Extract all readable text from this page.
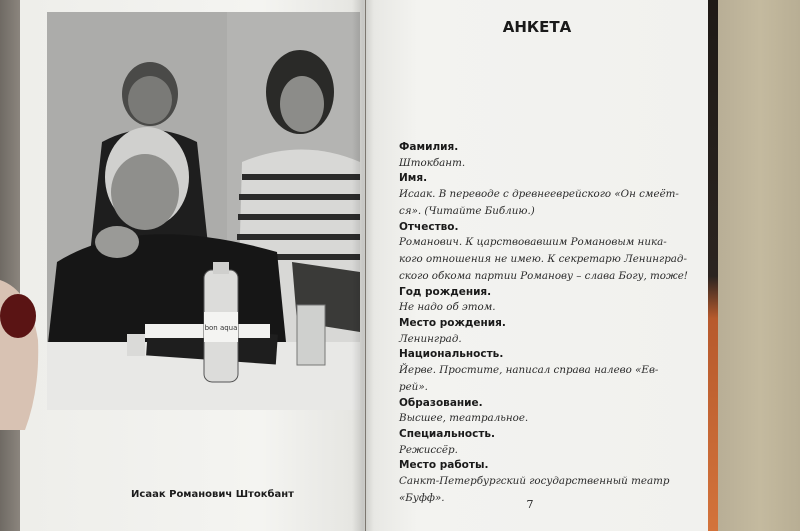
bon aqua
Исаак Романович Штокбант
АНКЕТА
Фамилия.
Штокбант.
Имя.
Исаак. В переводе с древнееврейского «Он смеёт-
ся». (Читайте Библию.)
Отчество.
Романович. К царствовавшим Романовым ника-
кого отношения не имею. К секретарю Ленинград-
ского обкома партии Романову – слава Богу, тоже!
Год рождения.
Не надо об этом.
Место рождения.
Ленинград.
Национальность.
Йервe. Простите, написал справа налево «Ев-
рей».
Образование.
Высшее, театральное.
Специальность.
Режиссёр.
Место работы.
Санкт-Петербургский государственный театр
«Буфф».
7
